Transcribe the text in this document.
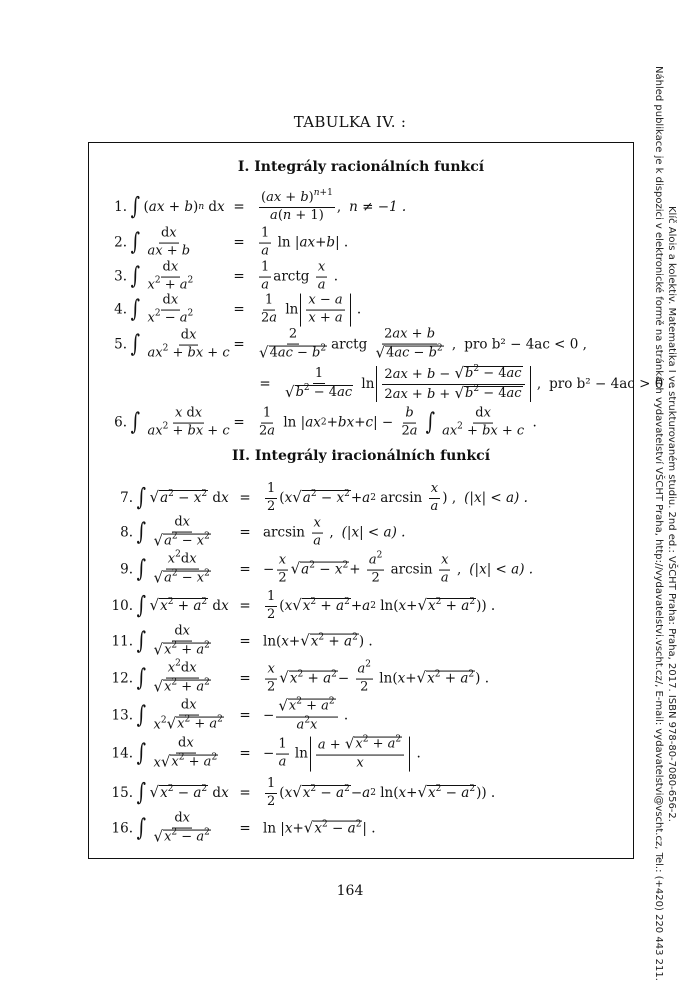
TABULKA IV. :
I. Integrály racionálních funkcí
1. ∫ ( ax + b ) n d x =	$\frac{(ax + b)^{n+1}}{a(n + 1)}$ , n ≠ −1 .
2. ∫ $\frac{dx}{ax + b}$	=	$\frac{1}{a}$ ln | ax + b | .
3. ∫ $\frac{dx}{x^2 + a^2}$	=	$\frac{1}{a}$ arctg $\frac{x}{a}$ .
4. ∫ $\frac{dx}{x^2 - a^2}$	=	$\frac{1}{2a}$ $\ln \frac{x - a}{x + a}$ .
5. ∫ $\frac{dx}{ax^2 + bx + c} = \frac{2}{√ 4ac - b^2}$ arctg $\frac{2ax + b}{√ 4ac - b^2}$ , pro b² − 4ac < 0 ,
= $\frac{1}{√ b^2 - 4ac}$ $\ln \frac{2ax + b - √ b^2 - 4ac}{2ax + b + √ b^2 - 4ac}$ , pro b² − 4ac > 0 .
6. ∫ $\frac{\text{x dx}}{ax^2 + bx + c} = \frac{1}{2a}$ ln | ax 2 + bx + c | − $\frac{b}{2a}$ ∫ $\frac{dx}{ax^2 + bx + c}$ .
II. Integrály iracionálních funkcí
7. ∫ √ $a^2 - x^2$ d x =	$\frac{1}{2}$ ( x √ $a^2 - x^2 + a$ 2 $\arcsin \frac{x}{a}$ ) , (|x| < a) .
8. ∫ $\frac{dx}{√ a^2 - x^2}$	= $\arcsin \frac{x}{a}$ , (|x| < a) .
9. ∫ $\frac{x^2dx}{√ a^2 - x^2}$	= − $\frac{x}{2}$ √ $a^2 - x^2 + \frac{a^2}{2}$ $\arcsin \frac{x}{a}$ , (|x| < a) .
10. ∫ √ $x^2 + a^2$ d x =	$\frac{1}{2}$ ( x √ $x^2 + a^2 + a$ 2 ln( x + √ $x^2 + a^2$ )) .
11. ∫ $\frac{dx}{√ x^2 + a^2}$	= ln( x + √ $x^2 + a^2$ ) .
12. ∫ $\frac{x^2dx}{√ x^2 + a^2}$	=	$\frac{x}{2}$ √ $x^2 + a^2 - \frac{a^2}{2} \ln$( x + √ $x^2 + a^2$ ) .
13. ∫ $\frac{dx}{x^2 √ x^2 + a^2}$ = − $\frac{√ x^2 + a^2}{a^2x}$ .
14. ∫ $\frac{dx}{x √ x^2 + a^2}$	= − $\frac{1}{a}$ $\ln \frac{a + √ x^2 + a^2}{x}$ .
15. ∫ √ $x^2 - a^2$ d x =	$\frac{1}{2}$ ( x √ $x^2 - a^2 - a$ 2 ln( x + √ $x^2 - a^2$ )) .
16. ∫ $\frac{dx}{√ x^2 - a^2}$	= ln | x + √ $x^2 - a^2$ | .
164
Klíč Alois a kolektiv. Matematika I ve strukturovaném studiu. 2nd ed.: VŠCHT Praha: Praha, 2017. ISBN 978-80-7080-656-2.
Náhled publikace je k dispozici v elektronické formě na stránkách vydavatelství VŠCHT Praha, http://vydavatelstvi.vscht.cz/, E-mail: vydavatelstvi@vscht.cz, Tel.: (+420) 220 443 211.
